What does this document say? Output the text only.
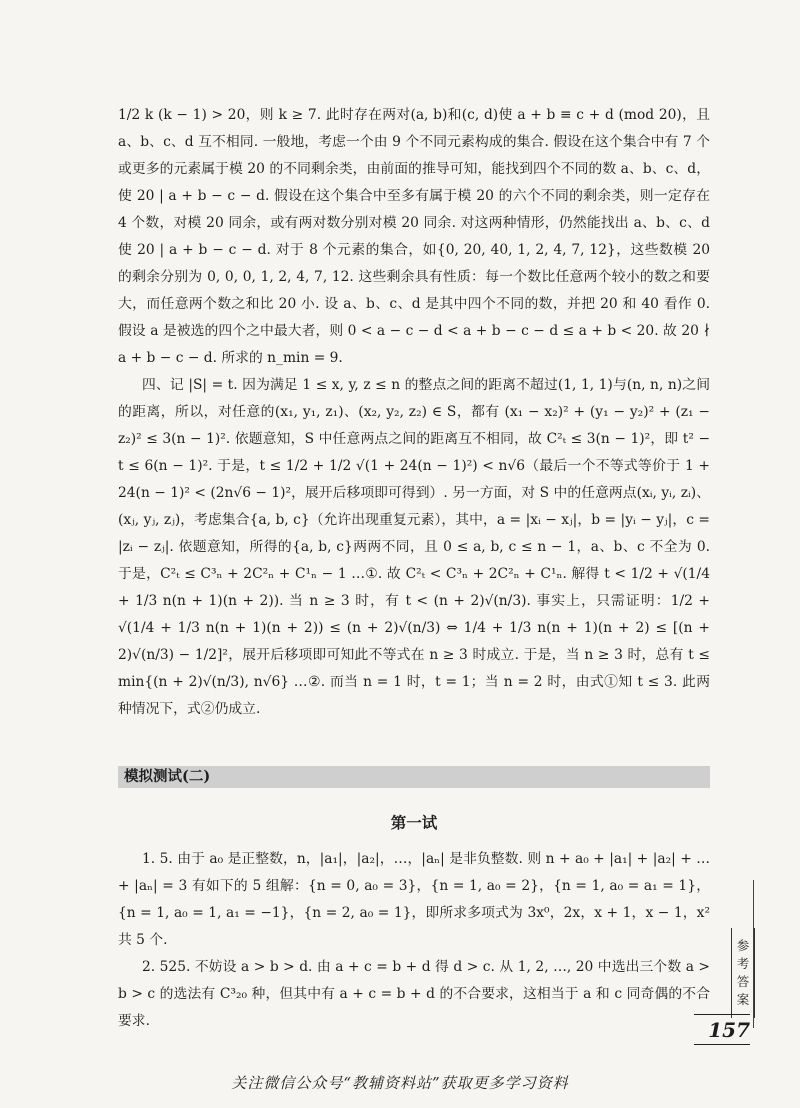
1/2 k (k − 1) > 20，则 k ≥ 7. 此时存在两对(a, b)和(c, d)使 a + b ≡ c + d (mod 20)，且 a、b、c、d 互不相同. 一般地，考虑一个由 9 个不同元素构成的集合. 假设在这个集合中有 7 个或更多的元素属于模 20 的不同剩余类，由前面的推导可知，能找到四个不同的数 a、b、c、d，使 20 | a + b − c − d. 假设在这个集合中至多有属于模 20 的六个不同的剩余类，则一定存在 4 个数，对模 20 同余，或有两对数分别对模 20 同余. 对这两种情形，仍然能找出 a、b、c、d 使 20 | a + b − c − d. 对于 8 个元素的集合，如{0, 20, 40, 1, 2, 4, 7, 12}，这些数模 20 的剩余分别为 0, 0, 0, 1, 2, 4, 7, 12. 这些剩余具有性质：每一个数比任意两个较小的数之和要大，而任意两个数之和比 20 小. 设 a、b、c、d 是其中四个不同的数，并把 20 和 40 看作 0. 假设 a 是被选的四个之中最大者，则 0 < a − c − d < a + b − c − d ≤ a + b < 20. 故 20 ∤ a + b − c − d. 所求的 n_min = 9.

四、记 |S| = t. 因为满足 1 ≤ x, y, z ≤ n 的整点之间的距离不超过(1, 1, 1)与(n, n, n)之间的距离，所以，对任意的(x₁, y₁, z₁)、(x₂, y₂, z₂) ∈ S，都有 (x₁ − x₂)² + (y₁ − y₂)² + (z₁ − z₂)² ≤ 3(n − 1)². 依题意知，S 中任意两点之间的距离互不相同，故 C²ₜ ≤ 3(n − 1)²，即 t² − t ≤ 6(n − 1)². 于是，t ≤ 1/2 + 1/2 √(1 + 24(n − 1)²) < n√6（最后一个不等式等价于 1 + 24(n − 1)² < (2n√6 − 1)²，展开后移项即可得到）. 另一方面，对 S 中的任意两点(xᵢ, yᵢ, zᵢ)、(xⱼ, yⱼ, zⱼ)，考虑集合{a, b, c}（允许出现重复元素），其中，a = |xᵢ − xⱼ|，b = |yᵢ − yⱼ|，c = |zᵢ − zⱼ|. 依题意知，所得的{a, b, c}两两不同，且 0 ≤ a, b, c ≤ n − 1，a、b、c 不全为 0. 于是，C²ₜ ≤ C³ₙ + 2C²ₙ + C¹ₙ − 1 …①. 故 C²ₜ < C³ₙ + 2C²ₙ + C¹ₙ. 解得 t < 1/2 + √(1/4 + 1/3 n(n + 1)(n + 2)). 当 n ≥ 3 时，有 t < (n + 2)√(n/3). 事实上，只需证明：1/2 + √(1/4 + 1/3 n(n + 1)(n + 2)) ≤ (n + 2)√(n/3) ⇔ 1/4 + 1/3 n(n + 1)(n + 2) ≤ [(n + 2)√(n/3) − 1/2]²，展开后移项即可知此不等式在 n ≥ 3 时成立. 于是，当 n ≥ 3 时，总有 t ≤ min{(n + 2)√(n/3), n√6} …②. 而当 n = 1 时，t = 1；当 n = 2 时，由式①知 t ≤ 3. 此两种情况下，式②仍成立.

模拟测试(二)
第一试

1. 5. 由于 a₀ 是正整数，n，|a₁|，|a₂|，…，|aₙ| 是非负整数. 则 n + a₀ + |a₁| + |a₂| + … + |aₙ| = 3 有如下的 5 组解：{n = 0, a₀ = 3}，{n = 1, a₀ = 2}，{n = 1, a₀ = a₁ = 1}，{n = 1, a₀ = 1, a₁ = −1}，{n = 2, a₀ = 1}，即所求多项式为 3x⁰，2x，x + 1，x − 1，x² 共 5 个.

2. 525. 不妨设 a > b > d. 由 a + c = b + d 得 d > c. 从 1, 2, …, 20 中选出三个数 a > b > c 的选法有 C³₂₀ 种，但其中有 a + c = b + d 的不合要求，这相当于 a 和 c 同奇偶的不合要求.

参
考
答
案
157
关注微信公众号“教辅资料站”获取更多学习资料
